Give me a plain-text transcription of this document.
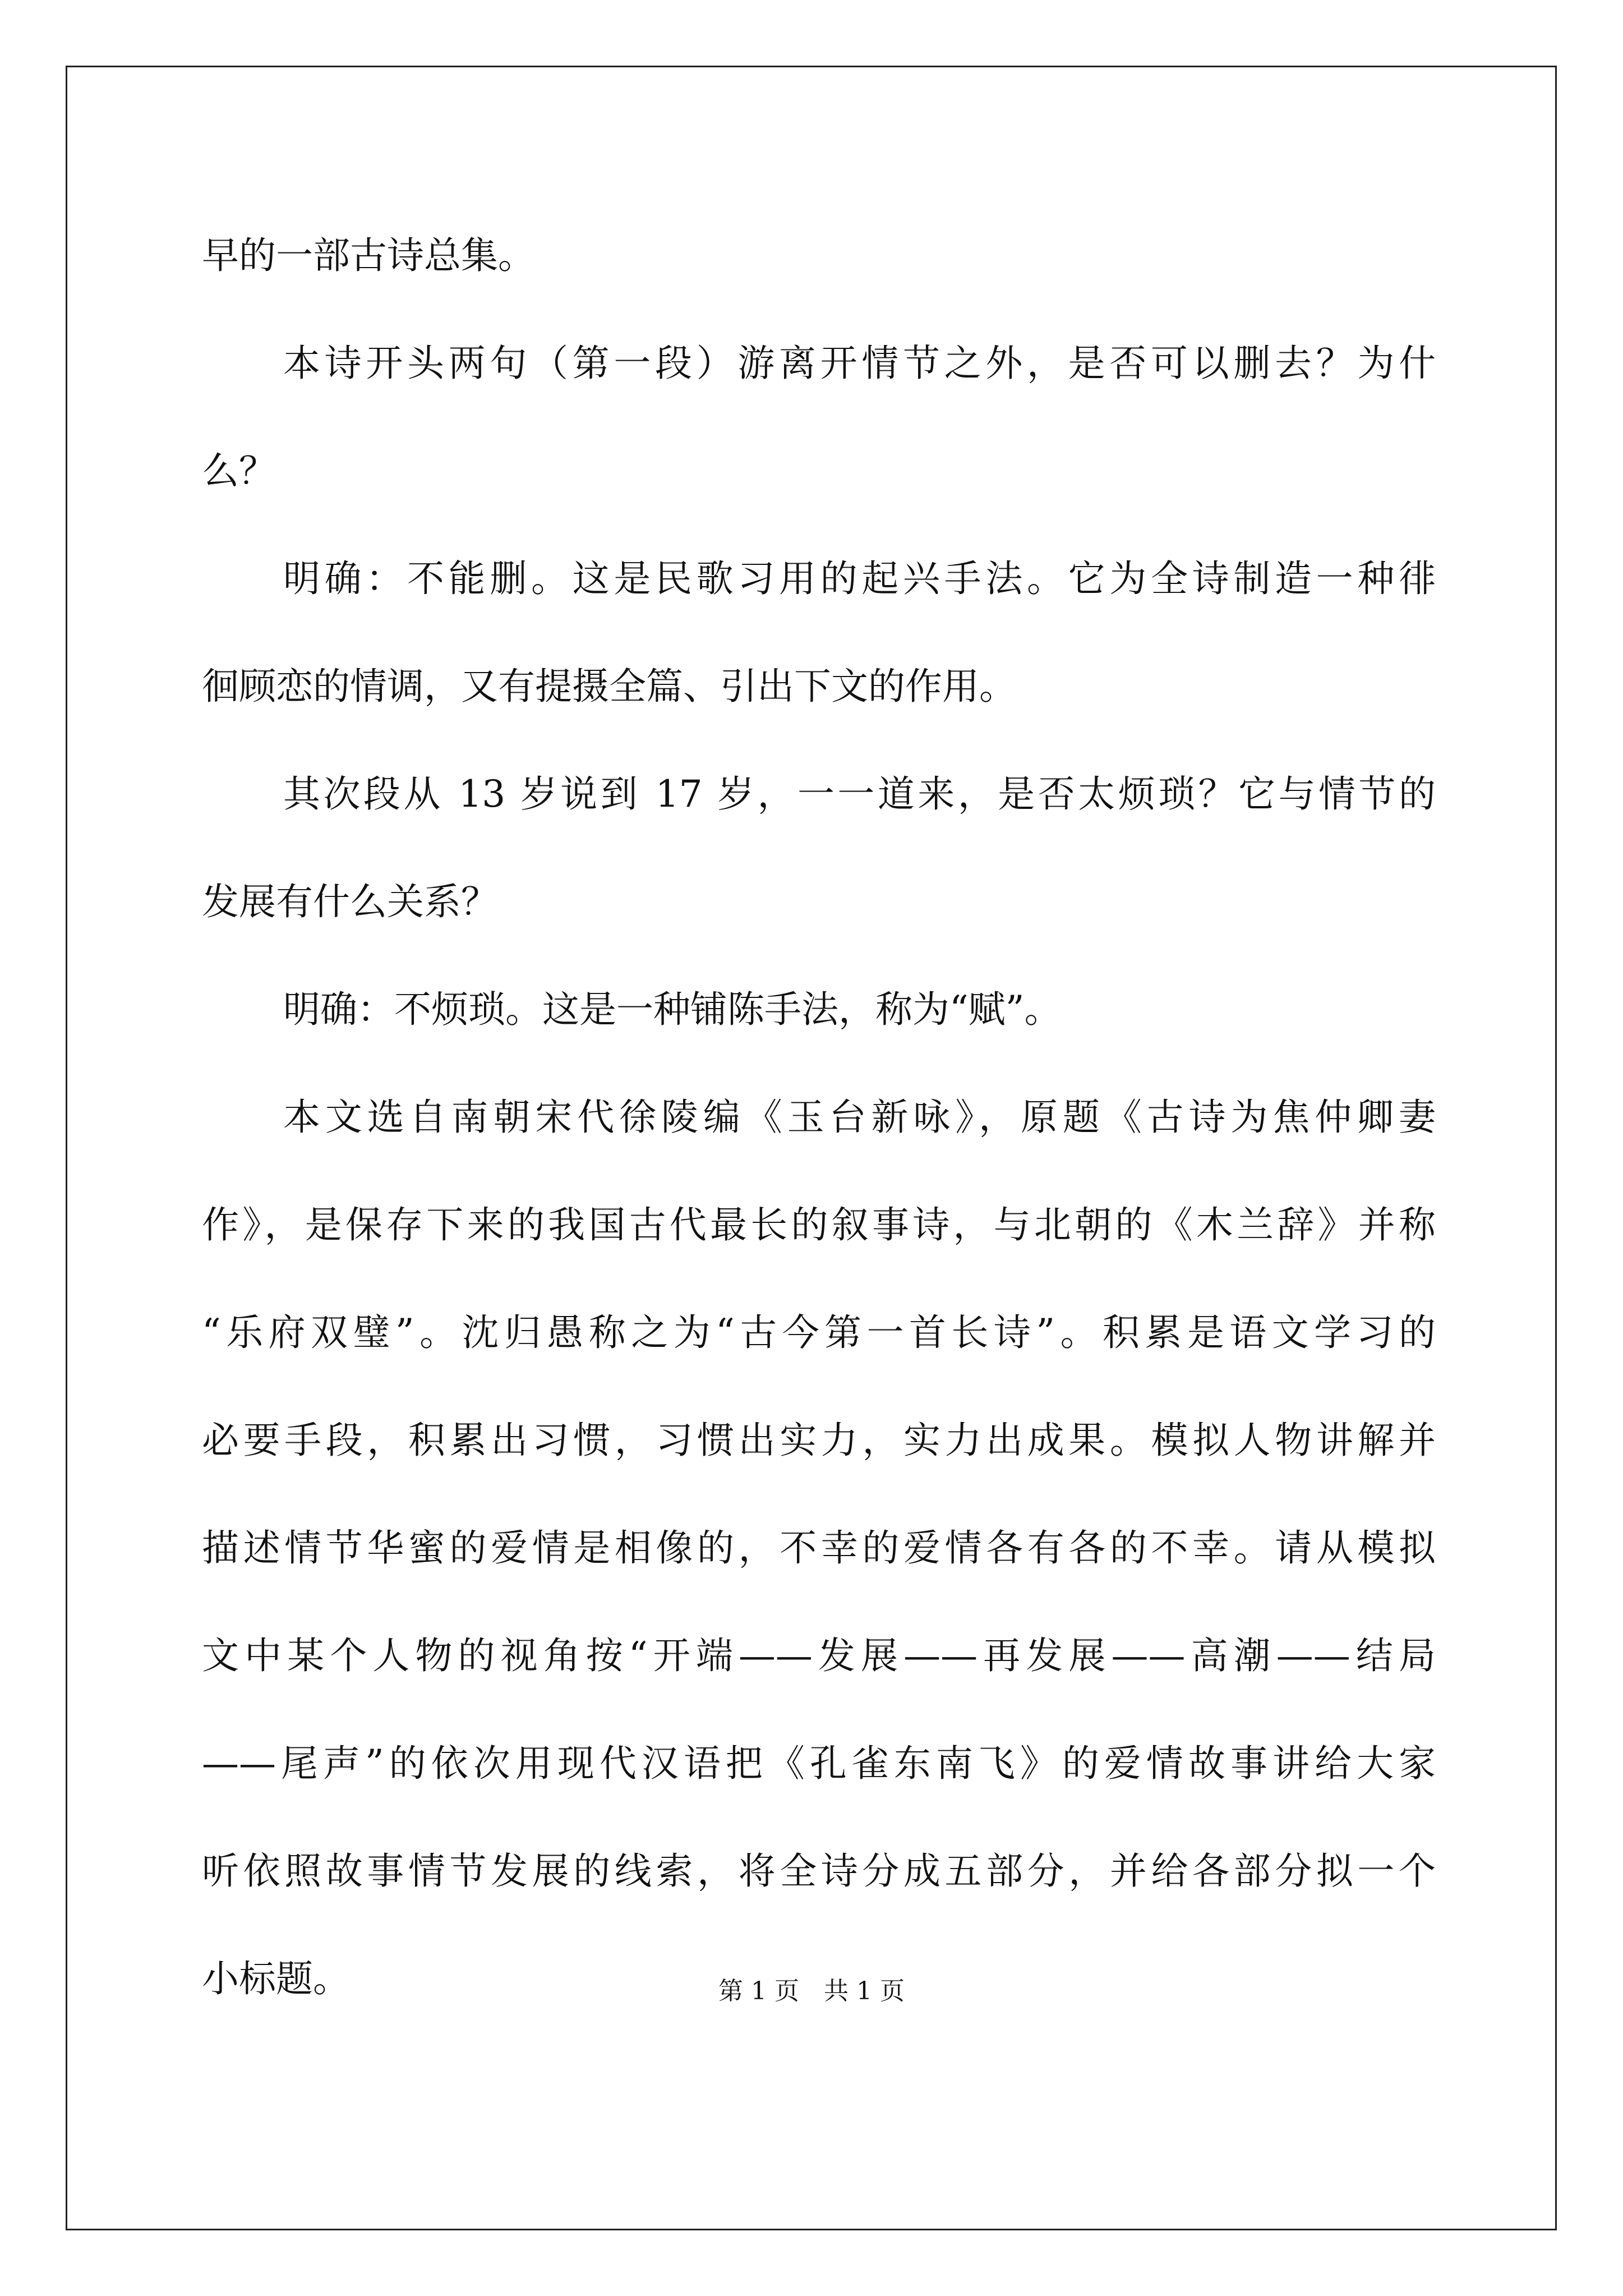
早的一部古诗总集。
本诗开头两句（第一段）游离开情节之外，是否可以删去？为什
么？
明确：不能删。这是民歌习用的起兴手法。它为全诗制造一种徘
徊顾恋的情调，又有提摄全篇、引出下文的作用。
其次段从 13 岁说到 17 岁，一一道来，是否太烦琐？它与情节的
发展有什么关系？
明确：不烦琐。这是一种铺陈手法，称为“赋”。
本文选自南朝宋代徐陵编《玉台新咏》，原题《古诗为焦仲卿妻
作》，是保存下来的我国古代最长的叙事诗，与北朝的《木兰辞》并称
“乐府双璧”。沈归愚称之为“古今第一首长诗”。积累是语文学习的
必要手段，积累出习惯，习惯出实力，实力出成果。模拟人物讲解并
描述情节华蜜的爱情是相像的，不幸的爱情各有各的不幸。请从模拟
文中某个人物的视角按“开端——发展——再发展——高潮——结局
——尾声”的依次用现代汉语把《孔雀东南飞》的爱情故事讲给大家
听依照故事情节发展的线索，将全诗分成五部分，并给各部分拟一个
小标题。	第 1 页　共 1 页
